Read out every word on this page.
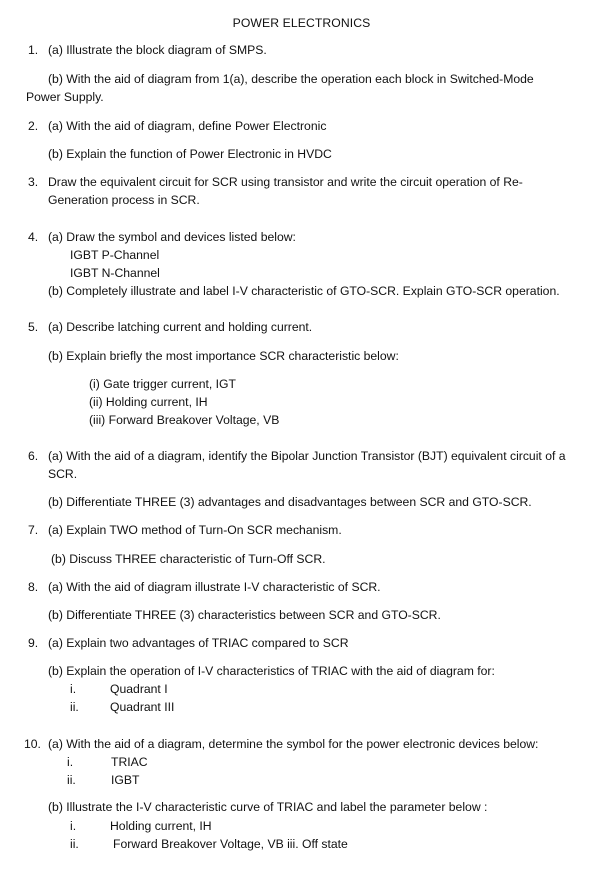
POWER ELECTRONICS
1. (a) Illustrate the block diagram of SMPS.
(b) With the aid of diagram from 1(a), describe the operation each block in Switched-Mode
Power Supply.
2. (a) With the aid of diagram, define Power Electronic
(b) Explain the function of Power Electronic in HVDC
3. Draw the equivalent circuit for SCR using transistor and write the circuit operation of Re-
Generation process in SCR.
4. (a) Draw the symbol and devices listed below:
IGBT P-Channel
IGBT N-Channel
(b) Completely illustrate and label I-V characteristic of GTO-SCR. Explain GTO-SCR operation.
5. (a) Describe latching current and holding current.
(b) Explain briefly the most importance SCR characteristic below:
(i) Gate trigger current, IGT
(ii) Holding current, IH
(iii) Forward Breakover Voltage, VB
6. (a) With the aid of a diagram, identify the Bipolar Junction Transistor (BJT) equivalent circuit of a
SCR.
(b) Differentiate THREE (3) advantages and disadvantages between SCR and GTO-SCR.
7. (a) Explain TWO method of Turn-On SCR mechanism.
(b) Discuss THREE characteristic of Turn-Off SCR.
8. (a) With the aid of diagram illustrate I-V characteristic of SCR.
(b) Differentiate THREE (3) characteristics between SCR and GTO-SCR.
9. (a) Explain two advantages of TRIAC compared to SCR
(b) Explain the operation of I-V characteristics of TRIAC with the aid of diagram for:
i.	Quadrant I
ii.	Quadrant III
10. (a) With the aid of a diagram, determine the symbol for the power electronic devices below:
i.	TRIAC
ii.	IGBT
(b) Illustrate the I-V characteristic curve of TRIAC and label the parameter below :
i.	Holding current, IH
ii.	Forward Breakover Voltage, VB iii. Off state
